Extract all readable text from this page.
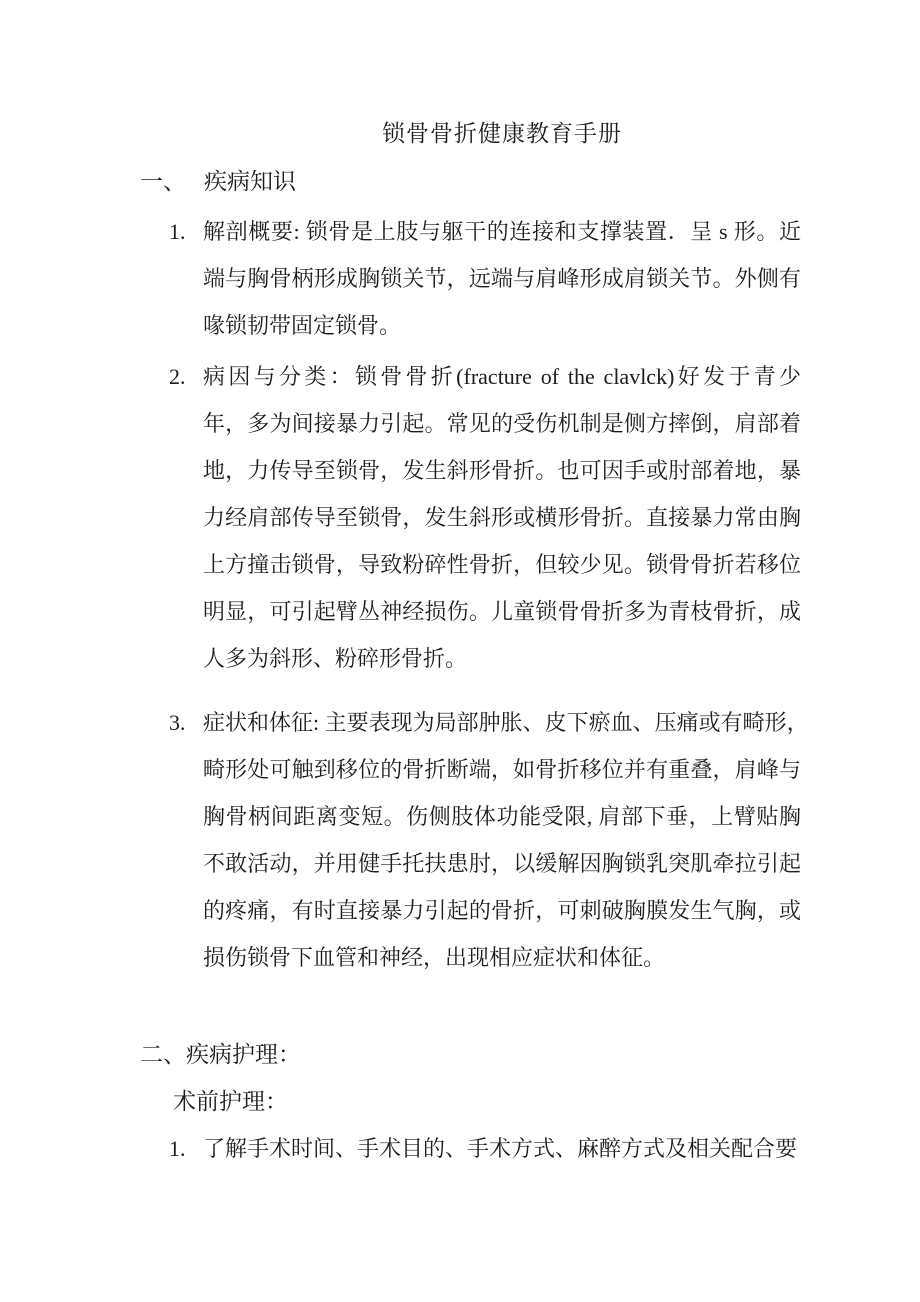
锁骨骨折健康教育手册
一、 疾病知识
1. 解剖概要: 锁骨是上肢与躯干的连接和支撑装置．呈 s 形。近
端与胸骨柄形成胸锁关节，远端与肩峰形成肩锁关节。外侧有
喙锁韧带固定锁骨。
2. 病因与分类：锁骨骨折(fracture of the clavlck)好发于青少
年，多为间接暴力引起。常见的受伤机制是侧方摔倒，肩部着
地，力传导至锁骨，发生斜形骨折。也可因手或肘部着地，暴
力经肩部传导至锁骨，发生斜形或横形骨折。直接暴力常由胸
上方撞击锁骨，导致粉碎性骨折，但较少见。锁骨骨折若移位
明显，可引起臂丛神经损伤。儿童锁骨骨折多为青枝骨折，成
人多为斜形、粉碎形骨折。
3. 症状和体征: 主要表现为局部肿胀、皮下瘀血、压痛或有畸形，
畸形处可触到移位的骨折断端，如骨折移位并有重叠，肩峰与
胸骨柄间距离变短。伤侧肢体功能受限, 肩部下垂，上臂贴胸
不敢活动，并用健手托扶患肘，以缓解因胸锁乳突肌牵拉引起
的疼痛，有时直接暴力引起的骨折，可刺破胸膜发生气胸，或
损伤锁骨下血管和神经，出现相应症状和体征。
二、疾病护理：
术前护理：
1. 了解手术时间、手术目的、手术方式、麻醉方式及相关配合要
